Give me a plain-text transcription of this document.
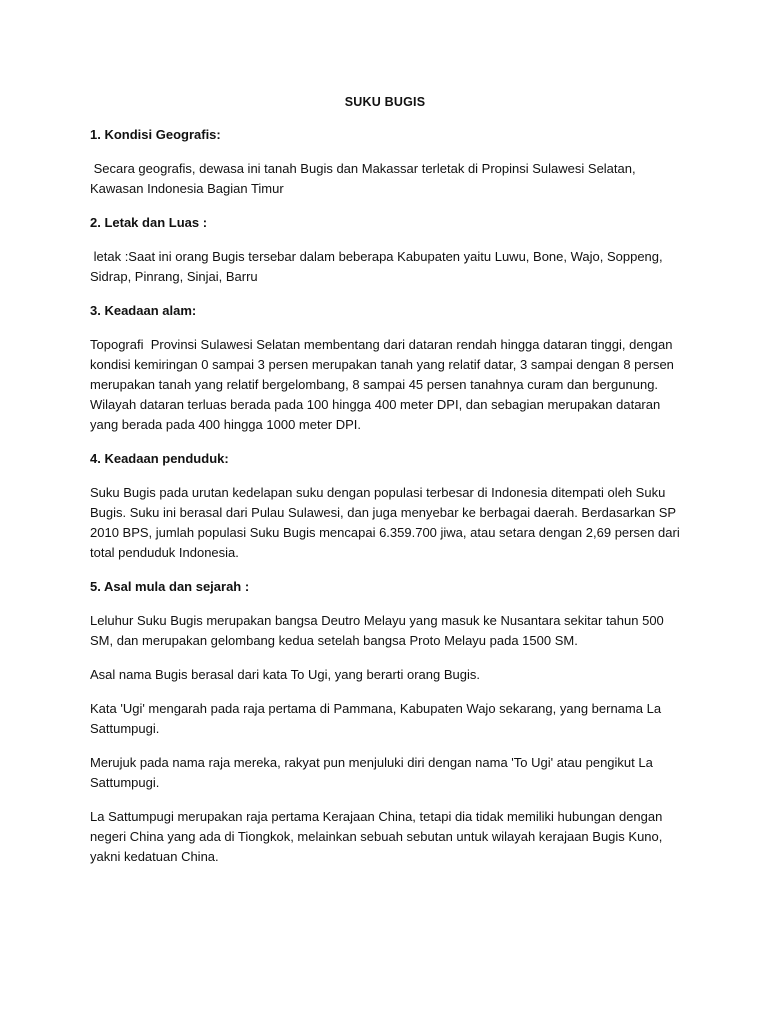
SUKU BUGIS
1. Kondisi Geografis:
Secara geografis, dewasa ini tanah Bugis dan Makassar terletak di Propinsi Sulawesi Selatan, Kawasan Indonesia Bagian Timur
2. Letak dan Luas :
letak :Saat ini orang Bugis tersebar dalam beberapa Kabupaten yaitu Luwu, Bone, Wajo, Soppeng, Sidrap, Pinrang, Sinjai, Barru
3. Keadaan alam:
Topografi  Provinsi Sulawesi Selatan membentang dari dataran rendah hingga dataran tinggi, dengan kondisi kemiringan 0 sampai 3 persen merupakan tanah yang relatif datar, 3 sampai dengan 8 persen merupakan tanah yang relatif bergelombang, 8 sampai 45 persen tanahnya curam dan bergunung. Wilayah dataran terluas berada pada 100 hingga 400 meter DPI, dan sebagian merupakan dataran yang berada pada 400 hingga 1000 meter DPI.
4. Keadaan penduduk:
Suku Bugis pada urutan kedelapan suku dengan populasi terbesar di Indonesia ditempati oleh Suku Bugis. Suku ini berasal dari Pulau Sulawesi, dan juga menyebar ke berbagai daerah. Berdasarkan SP 2010 BPS, jumlah populasi Suku Bugis mencapai 6.359.700 jiwa, atau setara dengan 2,69 persen dari total penduduk Indonesia.
5. Asal mula dan sejarah :
Leluhur Suku Bugis merupakan bangsa Deutro Melayu yang masuk ke Nusantara sekitar tahun 500 SM, dan merupakan gelombang kedua setelah bangsa Proto Melayu pada 1500 SM.
Asal nama Bugis berasal dari kata To Ugi, yang berarti orang Bugis.
Kata 'Ugi' mengarah pada raja pertama di Pammana, Kabupaten Wajo sekarang, yang bernama La Sattumpugi.
Merujuk pada nama raja mereka, rakyat pun menjuluki diri dengan nama 'To Ugi' atau pengikut La Sattumpugi.
La Sattumpugi merupakan raja pertama Kerajaan China, tetapi dia tidak memiliki hubungan dengan negeri China yang ada di Tiongkok, melainkan sebuah sebutan untuk wilayah kerajaan Bugis Kuno, yakni kedatuan China.
